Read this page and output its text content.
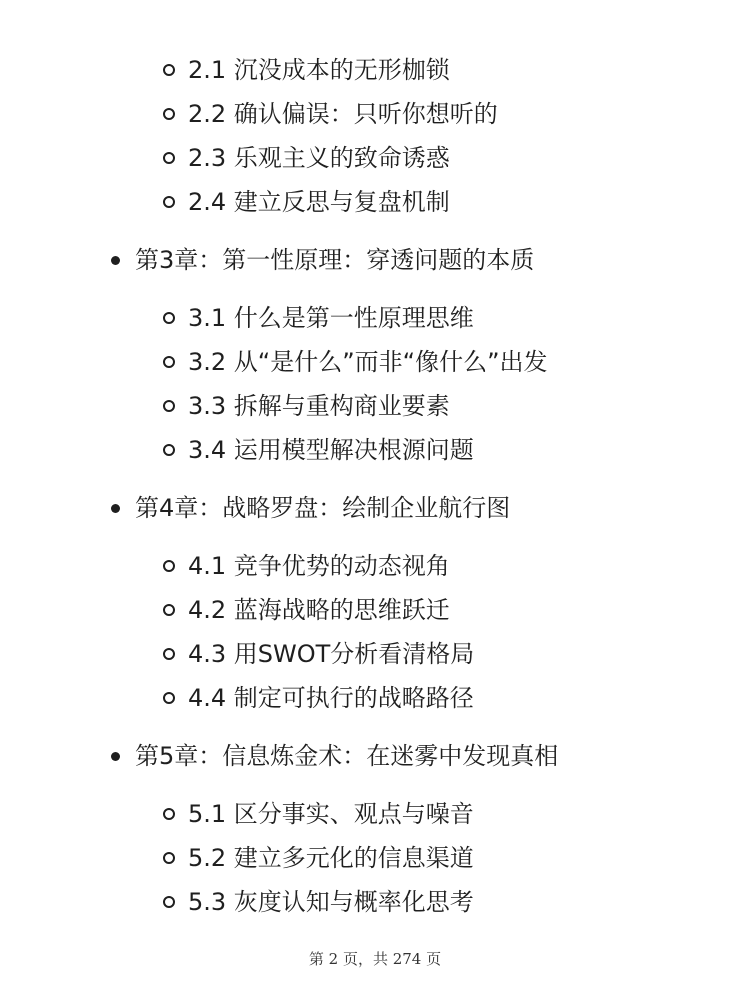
2.1 沉没成本的无形枷锁
2.2 确认偏误：只听你想听的
2.3 乐观主义的致命诱惑
2.4 建立反思与复盘机制
第3章：第一性原理：穿透问题的本质
3.1 什么是第一性原理思维
3.2 从“是什么”而非“像什么”出发
3.3 拆解与重构商业要素
3.4 运用模型解决根源问题
第4章：战略罗盘：绘制企业航行图
4.1 竞争优势的动态视角
4.2 蓝海战略的思维跃迁
4.3 用SWOT分析看清格局
4.4 制定可执行的战略路径
第5章：信息炼金术：在迷雾中发现真相
5.1 区分事实、观点与噪音
5.2 建立多元化的信息渠道
5.3 灰度认知与概率化思考
第 2 页，共 274 页
